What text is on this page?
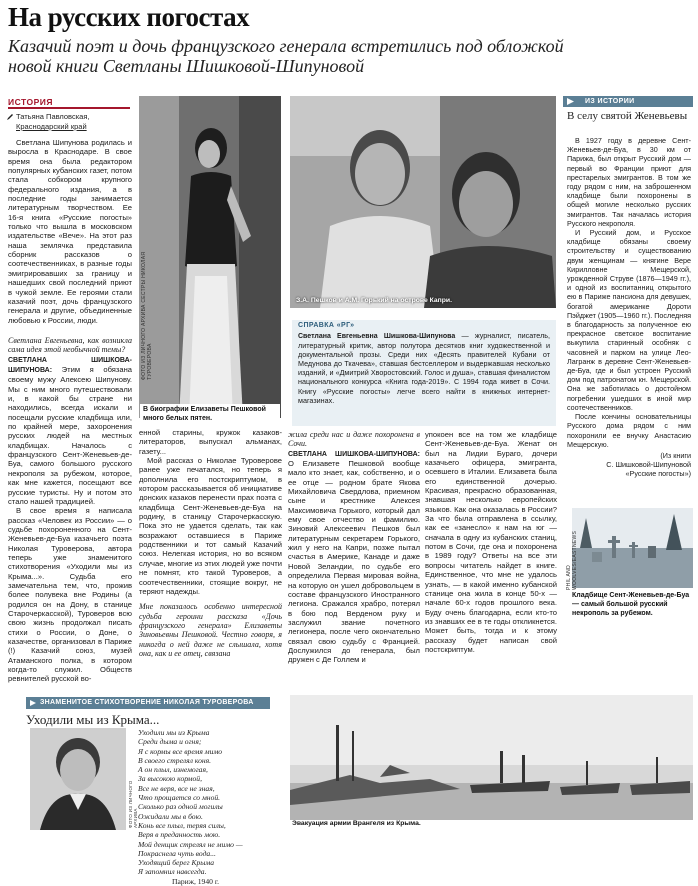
На русских погостах
Казачий поэт и дочь французского генерала встретились под обложкой
новой книги Светланы Шишковой-Шипуновой
ИСТОРИЯ
Татьяна Павловская,
Краснодарский край

Светлана Шипунова родилась и выросла в Краснодаре. В свое время она была редактором популярных кубанских газет, потом стала собкором крупного федерального издания, а в последние годы занимается литературным творчеством. Ее 16-я книга «Русские погосты» только что вышла в московском издательстве «Вече». На этот раз наша землячка представила сборник рассказов о соотечественниках, в разные годы эмигрировавших за границу и нашедших свой последний приют в чужой земле. Ее героями стали казачий поэт, дочь французского генерала и другие, объединенные любовью к России, люди.

Светлана Евгеньевна, как возникла сама идея этой необычной темы?

СВЕТЛАНА ШИШКОВА-ШИПУНОВА: Этим я обязана своему мужу Алексею Шипунову. Мы с ним много путешествовали и, в какой бы стране ни находились, всегда искали и посещали русские кладбища или, по крайней мере, захоронения русских людей на местных кладбищах. Началось с французского Сент-Женевьев-де-Буа, самого большого русского некрополя за рубежом, которое, как мне кажется, посещают все русские туристы. Ну и потом это стало нашей традицией.

В свое время я написала рассказ «Человек из России» — о судьбе похороненного на Сент-Женевьев-де-Буа казачьего поэта Николая Туроверова, автора теперь уже знаменитого стихотворения «Уходили мы из Крыма...». Судьба его замечательна тем, что, прожив более полувека вне Родины (а родился он на Дону, в станице Старочеркасской), Туроверов всю свою жизнь продолжал писать стихи о России, о Доне, о казачестве, организовал в Париже (!) Казачий союз, музей Атаманского полка, в котором когда-то служил. Обществ ревнителей русской во-

ФОТО ИЗ ЛИЧНОГО АРХИВА СЕСТРЫ НИКОЛАЯ ТУРОВЕРОВА
В биографии Елизаветы Пешковой много белых пятен.
З.А. Пешков и А.М. Горький на острове Капри.
СПРАВКА «РГ»
Светлана Евгеньевна Шишкова-Шипунова — журналист, писатель, литературный критик, автор полутора десятков книг художественной и документальной прозы. Среди них «Десять правителей Кубани от Медунова до Ткачева», ставшая бестселлером и выдержавшая несколько изданий, и «Дмитрий Хворостовский. Голос и душа», ставшая финалистом национального конкурса «Книга года-2019». С 1994 года живет в Сочи. Книгу «Русские погосты» легче всего найти в книжных интернет-магазинах.

енной старины, кружок казаков-литераторов, выпускал альманах, газету...

Мой рассказ о Николае Туроверове ранее уже печатался, но теперь я дополнила его постскриптумом, в котором рассказывается об инициативе донских казаков перенести прах поэта с кладбища Сент-Женевьев-де-Буа на родину, в станицу Старочеркасскую. Пока это не удается сделать, так как возражают оставшиеся в Париже родственники и тот самый Казачий союз. Нелегкая история, но во всяком случае, многие из этих людей уже почти не помнят, кто такой Туроверов, а соотечественники, стоящие вокруг, не теряют надежды.

Мне показалось особенно интересной судьба героини рассказа «Дочь французского генерала» Елизаветы Зиновьевны Пешковой. Честно говоря, я никогда о ней даже не слышала, хотя она, как и ее отец, связана

жила среди нас и даже похоронена в Сочи.

СВЕТЛАНА ШИШКОВА-ШИПУНОВА: О Елизавете Пешковой вообще мало кто знает, как, собственно, и о ее отце — родном брате Якова Михайловича Свердлова, приемном сыне и крестнике Алексея Максимовича Горького, который дал ему свое отчество и фамилию. Зиновий Алексеевич Пешков был литературным секретарем Горького, жил у него на Капри, позже пытал счастья в Америке, Канаде и даже Новой Зеландии, по судьбе его определила Первая мировая война, на которую он ушел добровольцем в составе французского Иностранного легиона. Сражался храбро, потерял в бою под Верденом руку и заслужил звание почетного легионера, после чего окончательно связал свою судьбу с Францией. Дослужился до генерала, был дружен с Де Голлем и

упокоен все на том же кладбище Сент-Женевьев-де-Буа. Женат он был на Лидии Бураго, дочери казачьего офицера, эмигранта, осевшего в Италии. Елизавета была его единственной дочерью. Красивая, прекрасно образованная, знавшая несколько европейских языков. Как она оказалась в России? За что была отправлена в ссылку, как ее «занесло» к нам на юг — сначала в одну из кубанских станиц, потом в Сочи, где она и похоронена в 1989 году? Ответы на все эти вопросы читатель найдет в книге. Единственное, что мне не удалось узнать, — в какой именно кубанской станице она жила в конце 50-х — начале 60-х годов прошлого века. Буду очень благодарна, если кто-то из знавших ее в те годы откликнется. Может быть, тогда и к этому рассказу будет написан свой постскриптум.

ИЗ ИСТОРИИ
В селу святой Женевьевы

В 1927 году в деревне Сент-Женевьев-де-Буа, в 30 км от Парижа, был открыт Русский дом — первый во Франции приют для престарелых эмигрантов. В том же году рядом с ним, на заброшенном кладбище были похоронены в общей могиле несколько русских эмигрантов. Так началась история Русского некрополя.

И Русский дом, и Русское кладбище обязаны своему строительству и существованию двум женщинам — княгине Вере Кирилловне Мещерской, урожденной Струве (1876—1949 гг.), и одной из воспитанниц открытого ею в Париже пансиона для девушек, богатой американке Дороти Пэйджет (1905—1960 гг.). Последняя в благодарность за полученное ею прекрасное светское воспитание выкупила старинный особняк с часовней и парком на улице Лео-Лагранж в деревне Сент-Женевьев-де-Буа, где и был устроен Русский дом под патронатом кн. Мещерской. Она же заботилась о достойном погребении ушедших в иной мир соотечественников.

После кончины основательницы Русского дома рядом с ним похоронили ее внучку Анастасию Мещерскую.

(Из книги
С. Шишковой-Шипуновой
«Русские погосты»)
PHIL AND WOOLVES/EASTNEWS
Кладбище Сент-Женевьев-де-Буа — самый большой русский некрополь за рубежом.
ЗНАМЕНИТОЕ СТИХОТВОРЕНИЕ НИКОЛАЯ ТУРОВЕРОВА
Уходили мы из Крыма...
ФОТО ИЗ ЛИЧНОГО АРХИВА
Уходили мы из Крыма
Среди дыма и огня;
Я с кормы все время мимо
В своего стрелял коня.
А он плыл, изнемогая,
За высокою кормой,
Все не веря, все не зная,
Что прощается со мной.
Сколько раз одной могилы
Ожидали мы в бою.
Конь все плыл, теряя силы,
Веря в преданность мою.
Мой денщик стрелял не мимо —
Покраснела чуть вода...
Уходящий берег Крыма
Я запомнил навсегда.
Париж, 1940 г.
Эвакуация армии Врангеля из Крыма.
